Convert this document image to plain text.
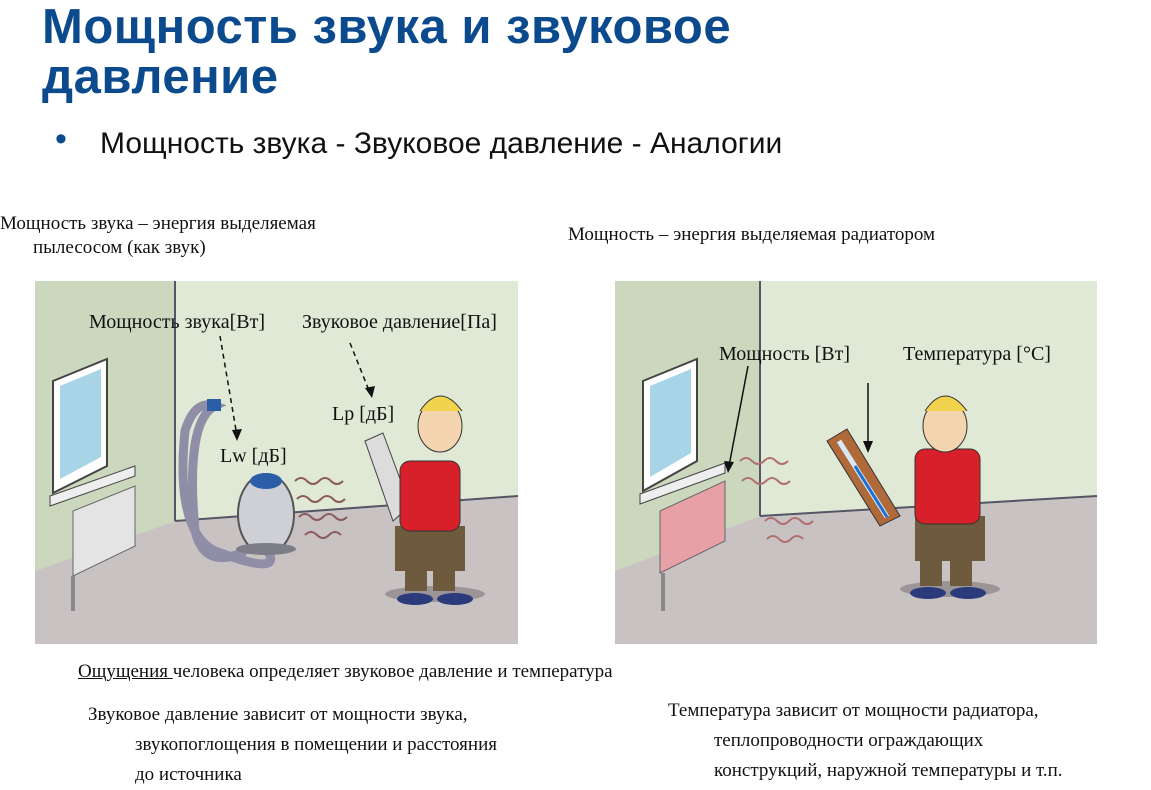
Мощность звука и звуковое
давление
• Мощность звука - Звуковое давление - Аналогии
Мощность звука – энергия выделяемая
пылесосом (как звук)
Мощность – энергия выделяемая радиатором
Мощность звука[Вт] Звуковое давление[Па]
Lp [дБ]
Lw [дБ]
Мощность [Вт]	Температура [°С]
Ощущения человека определяет звуковое давление и температура
Звуковое давление зависит от мощности звука,
звукопоглощения в помещении и расстояния
до источника
Температура зависит от мощности радиатора,
теплопроводности ограждающих
конструкций, наружной температуры и т.п.
